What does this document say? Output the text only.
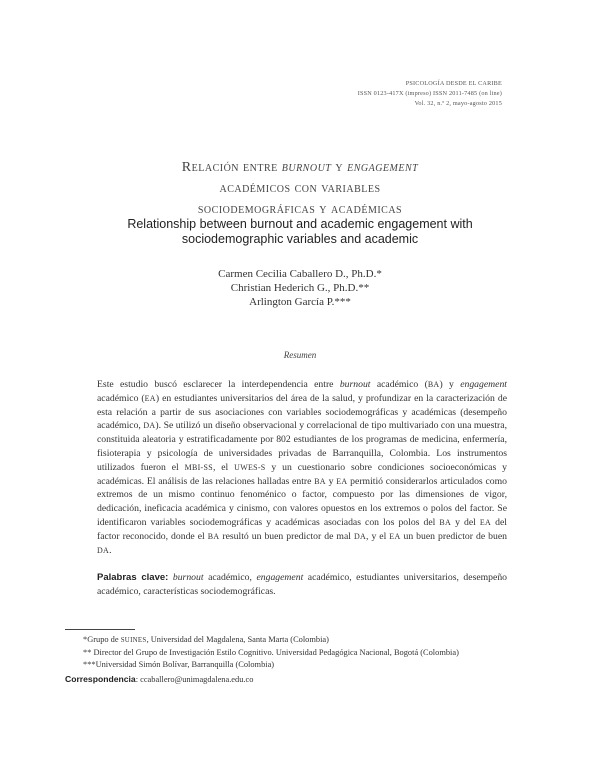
PSICOLOGÍA DESDE EL CARIBE
ISSN 0123-417X (impreso) ISSN 2011-7485 (on line)
Vol. 32, n.º 2, mayo-agosto 2015
Relación entre burnout y engagement
académicos con variables
sociodemográficas y académicas
Relationship between burnout and academic engagement with sociodemographic variables and academic
Carmen Cecilia Caballero D., Ph.D.*
Christian Hederich G., Ph.D.**
Arlington García P.***
Resumen
Este estudio buscó esclarecer la interdependencia entre burnout académico (BA) y engagement académico (EA) en estudiantes universitarios del área de la salud, y profundizar en la caracterización de esta relación a partir de sus asociaciones con variables sociodemográficas y académicas (desempeño académico, DA). Se utilizó un diseño observacional y correlacional de tipo multivariado con una muestra, constituida aleatoria y estratificadamente por 802 estudiantes de los programas de medicina, enfermería, fisioterapia y psicología de universidades privadas de Barranquilla, Colombia. Los instrumentos utilizados fueron el MBI-SS, el UWES-S y un cuestionario sobre condiciones socioeconómicas y académicas. El análisis de las relaciones halladas entre BA y EA permitió considerarlos articulados como extremos de un mismo continuo fenoménico o factor, compuesto por las dimensiones de vigor, dedicación, ineficacia académica y cinismo, con valores opuestos en los extremos o polos del factor. Se identificaron variables sociodemográficas y académicas asociadas con los polos del BA y del EA del factor reconocido, donde el BA resultó un buen predictor de mal DA, y el EA un buen predictor de buen DA.
Palabras clave: burnout académico, engagement académico, estudiantes universitarios, desempeño académico, características sociodemográficas.
*Grupo de SUINES, Universidad del Magdalena, Santa Marta (Colombia)
** Director del Grupo de Investigación Estilo Cognitivo. Universidad Pedagógica Nacional, Bogotá (Colombia)
***Universidad Simón Bolívar, Barranquilla (Colombia)
Correspondencia: ccaballero@unimagdalena.edu.co
